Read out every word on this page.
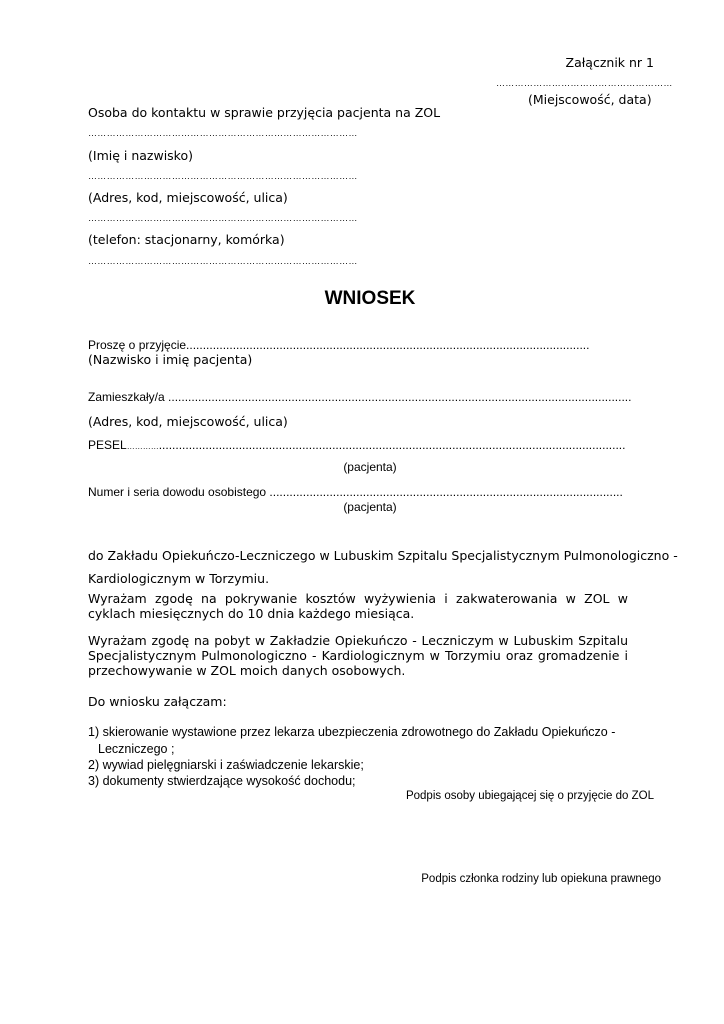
Załącznik nr 1
…………………………………………………
(Miejscowość, data)
Osoba do kontaktu w sprawie przyjęcia pacjenta na ZOL
……………………………………………………………………………
(Imię i nazwisko)
……………………………………………………………………………
(Adres, kod, miejscowość, ulica)
……………………………………………………………………………
(telefon: stacjonarny, komórka)
……………………………………………………………………………
WNIOSEK
Proszę o przyjęcie.........................................................................................................................
(Nazwisko i imię pacjenta)
Zamieszkały/a ...........................................................................................................................................
(Adres, kod, miejscowość, ulica)
PESEL…………............................................................................................................................................
(pacjenta)
Numer i seria dowodu osobistego ..........................................................................................................
(pacjenta)
do Zakładu Opiekuńczo-Leczniczego w Lubuskim Szpitalu Specjalistycznym Pulmonologiczno -
Kardiologicznym w Torzymiu.
Wyrażam zgodę na pokrywanie kosztów wyżywienia i zakwaterowania w ZOL w cyklach miesięcznych do 10 dnia każdego miesiąca.
Wyrażam zgodę na pobyt w Zakładzie Opiekuńczo - Leczniczym w Lubuskim Szpitalu Specjalistycznym Pulmonologiczno - Kardiologicznym w Torzymiu oraz gromadzenie i przechowywanie w ZOL moich danych osobowych.
Do wniosku załączam:
1) skierowanie wystawione przez lekarza ubezpieczenia zdrowotnego do Zakładu Opiekuńczo -
Leczniczego ;
2) wywiad pielęgniarski i zaświadczenie lekarskie;
3) dokumenty stwierdzające wysokość dochodu;
Podpis osoby ubiegającej się o przyjęcie do ZOL
Podpis członka rodziny lub opiekuna prawnego
